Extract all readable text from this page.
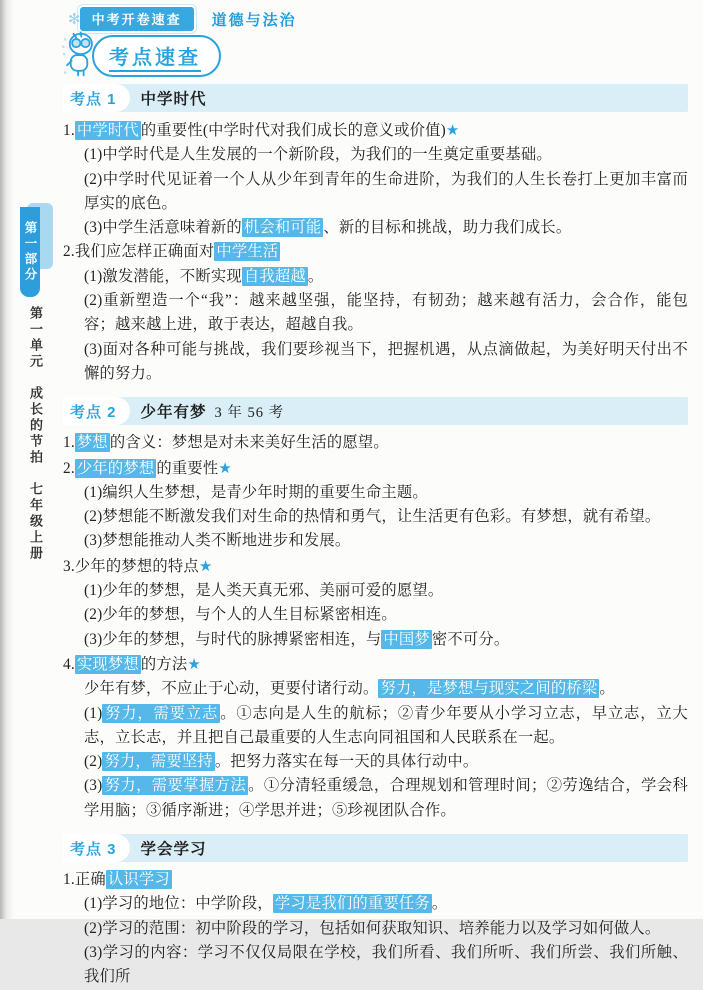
✻ 中考开卷速查	道德与法治
考点速查
第一部分
第一单元　成长的节拍　七年级上册
考点 1	中学时代

1. 中学时代 的重要性(中学时代对我们成长的意义或价值)★

(1)中学时代是人生发展的一个新阶段，为我们的一生奠定重要基础。

(2)中学时代见证着一个人从少年到青年的生命进阶，为我们的人生长卷打上更加丰富而厚实的底色。

(3)中学生活意味着新的 机会和可能 、新的目标和挑战，助力我们成长。

2.我们应怎样正确面对 中学生活

(1)激发潜能，不断实现 自我超越 。

(2)重新塑造一个“我”：越来越坚强，能坚持，有韧劲；越来越有活力，会合作，能包容；越来越上进，敢于表达，超越自我。

(3)面对各种可能与挑战，我们要珍视当下，把握机遇，从点滴做起，为美好明天付出不懈的努力。

考点 2	少年有梦 3 年 56 考

1. 梦想 的含义：梦想是对未来美好生活的愿望。

2. 少年的梦想 的重要性★

(1)编织人生梦想，是青少年时期的重要生命主题。

(2)梦想能不断激发我们对生命的热情和勇气，让生活更有色彩。有梦想，就有希望。

(3)梦想能推动人类不断地进步和发展。

3.少年的梦想的特点★

(1)少年的梦想，是人类天真无邪、美丽可爱的愿望。

(2)少年的梦想，与个人的人生目标紧密相连。

(3)少年的梦想，与时代的脉搏紧密相连，与 中国梦 密不可分。

4. 实现梦想 的方法★

少年有梦，不应止于心动，更要付诸行动。 努力，是梦想与现实之间的桥梁 。

(1) 努力，需要立志 。①志向是人生的航标；②青少年要从小学习立志，早立志，立大志，立长志，并且把自己最重要的人生志向同祖国和人民联系在一起。

(2) 努力，需要坚持 。把努力落实在每一天的具体行动中。

(3) 努力，需要掌握方法 。①分清轻重缓急，合理规划和管理时间；②劳逸结合，学会科学用脑；③循序渐进；④学思并进；⑤珍视团队合作。

考点 3	学会学习

1.正确 认识学习

(1)学习的地位：中学阶段， 学习是我们的重要任务 。

(2)学习的范围：初中阶段的学习，包括如何获取知识、培养能力以及学习如何做人。

(3)学习的内容：学习不仅仅局限在学校，我们所看、我们所听、我们所尝、我们所触、我们所
